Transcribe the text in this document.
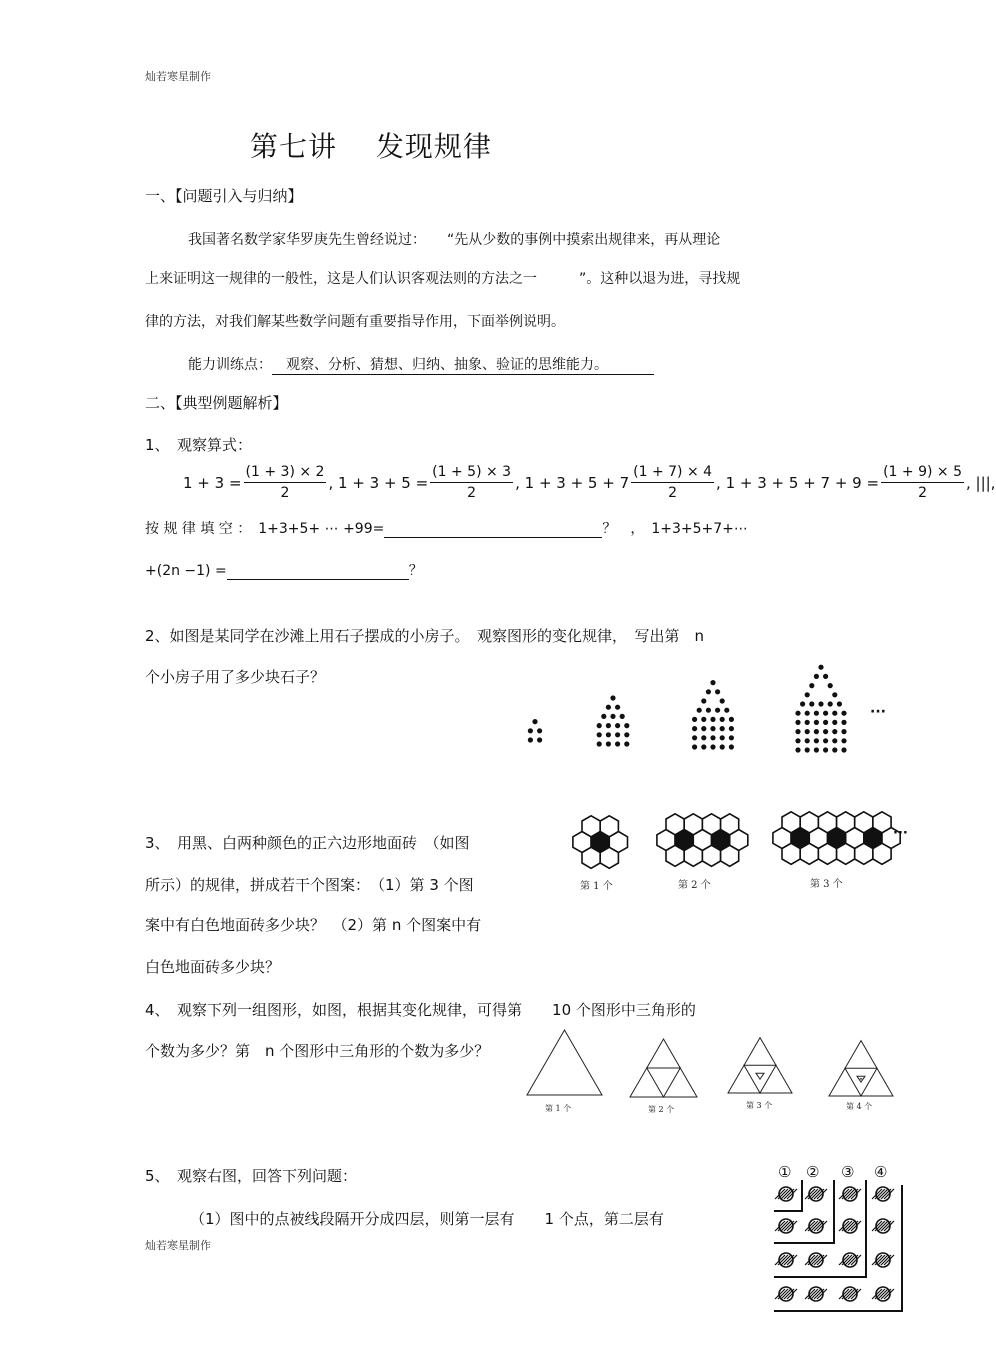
灿若寒星制作
第七讲　 发现规律
一、【问题引入与归纳】
我国著名数学家华罗庚先生曾经说过：　　“先从少数的事例中摸索出规律来，再从理论
上来证明这一规律的一般性，这是人们认识客观法则的方法之一　　　”。这种以退为进，寻找规
律的方法，对我们解某些数学问题有重要指导作用，下面举例说明。
能力训练点：　观察、分析、猜想、归纳、抽象、验证的思维能力。
二、【典型例题解析】
1、　观察算式：
$1 + 3 = \frac{(1 + 3) \times 2}{2}$ , $1 + 3 + 5 = \frac{(1 + 5) \times 3}{2}$ , $1 + 3 + 5 + 7 \frac{(1 + 7) \times 4}{2}$ , $1 + 3 + 5 + 7 + 9 = \frac{(1 + 9) \times 5}{2}$ , |||,
按 规 律 填 空 ：　1+3+5+ ⋯ +99=	？　，　1+3+5+7+⋯
+(2n −1) =	？
2、如图是某同学在沙滩上用石子摆成的小房子。　观察图形的变化规律，　写出第　n
个小房子用了多少块石子？
···
3、　用黑、白两种颜色的正六边形地面砖　（如图
所示）的规律，拼成若干个图案：　（1）第 3 个图
案中有白色地面砖多少块？　（2）第 n 个图案中有
白色地面砖多少块？
第 1 个	第 2 个	第 3 个
···
4、　观察下列一组图形，如图，根据其变化规律，可得第　　10 个图形中三角形的
个数为多少？第　n 个图形中三角形的个数为多少？
第 1 个	第 2 个	第 3 个	第 4 个
5、　观察右图，回答下列问题：
（1）图中的点被线段隔开分成四层，则第一层有　　1 个点，第二层有
① ② ③ ④
灿若寒星制作
